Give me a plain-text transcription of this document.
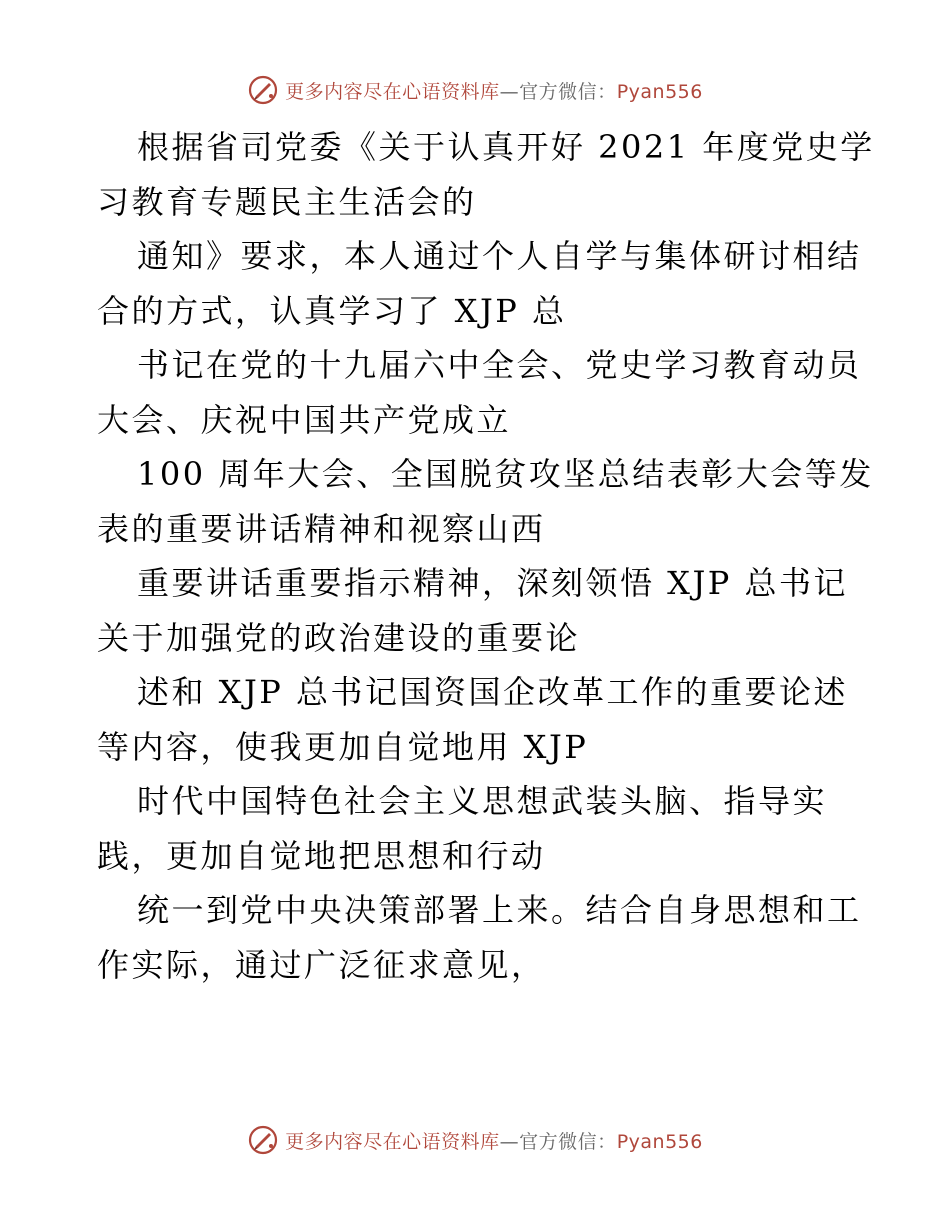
更多内容尽在心语资料库—官方微信：Pyan556

根据省司党委《关于认真开好 2021 年度党史学
习教育专题民主生活会的

通知》要求，本人通过个人自学与集体研讨相结
合的方式，认真学习了 XJP 总

书记在党的十九届六中全会、党史学习教育动员
大会、庆祝中国共产党成立

100 周年大会、全国脱贫攻坚总结表彰大会等发
表的重要讲话精神和视察山西

重要讲话重要指示精神，深刻领悟 XJP 总书记
关于加强党的政治建设的重要论

述和 XJP 总书记国资国企改革工作的重要论述
等内容，使我更加自觉地用 XJP

时代中国特色社会主义思想武装头脑、指导实
践，更加自觉地把思想和行动

统一到党中央决策部署上来。结合自身思想和工
作实际，通过广泛征求意见，

更多内容尽在心语资料库—官方微信：Pyan556
